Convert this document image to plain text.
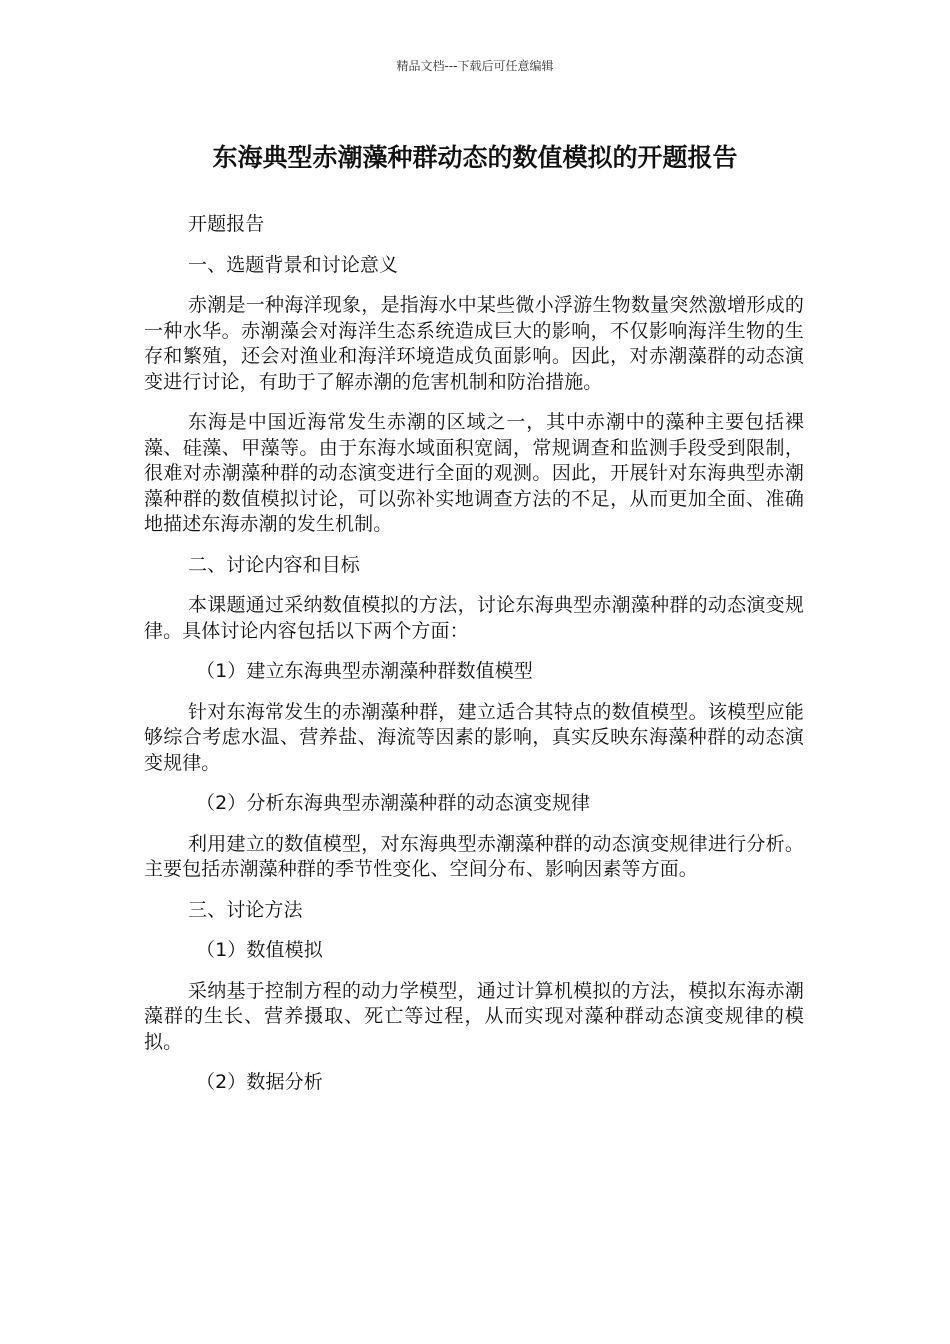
精品文档---下载后可任意编辑
东海典型赤潮藻种群动态的数值模拟的开题报告

开题报告

一、选题背景和讨论意义

赤潮是一种海洋现象，是指海水中某些微小浮游生物数量突然激增形成的一种水华。赤潮藻会对海洋生态系统造成巨大的影响，不仅影响海洋生物的生存和繁殖，还会对渔业和海洋环境造成负面影响。因此，对赤潮藻群的动态演变进行讨论，有助于了解赤潮的危害机制和防治措施。

东海是中国近海常发生赤潮的区域之一，其中赤潮中的藻种主要包括裸藻、硅藻、甲藻等。由于东海水域面积宽阔，常规调查和监测手段受到限制，很难对赤潮藻种群的动态演变进行全面的观测。因此，开展针对东海典型赤潮藻种群的数值模拟讨论，可以弥补实地调查方法的不足，从而更加全面、准确地描述东海赤潮的发生机制。

二、讨论内容和目标

本课题通过采纳数值模拟的方法，讨论东海典型赤潮藻种群的动态演变规律。具体讨论内容包括以下两个方面：

（1）建立东海典型赤潮藻种群数值模型

针对东海常发生的赤潮藻种群，建立适合其特点的数值模型。该模型应能够综合考虑水温、营养盐、海流等因素的影响，真实反映东海藻种群的动态演变规律。

（2）分析东海典型赤潮藻种群的动态演变规律

利用建立的数值模型，对东海典型赤潮藻种群的动态演变规律进行分析。主要包括赤潮藻种群的季节性变化、空间分布、影响因素等方面。

三、讨论方法

（1）数值模拟

采纳基于控制方程的动力学模型，通过计算机模拟的方法，模拟东海赤潮藻群的生长、营养摄取、死亡等过程，从而实现对藻种群动态演变规律的模拟。

（2）数据分析
